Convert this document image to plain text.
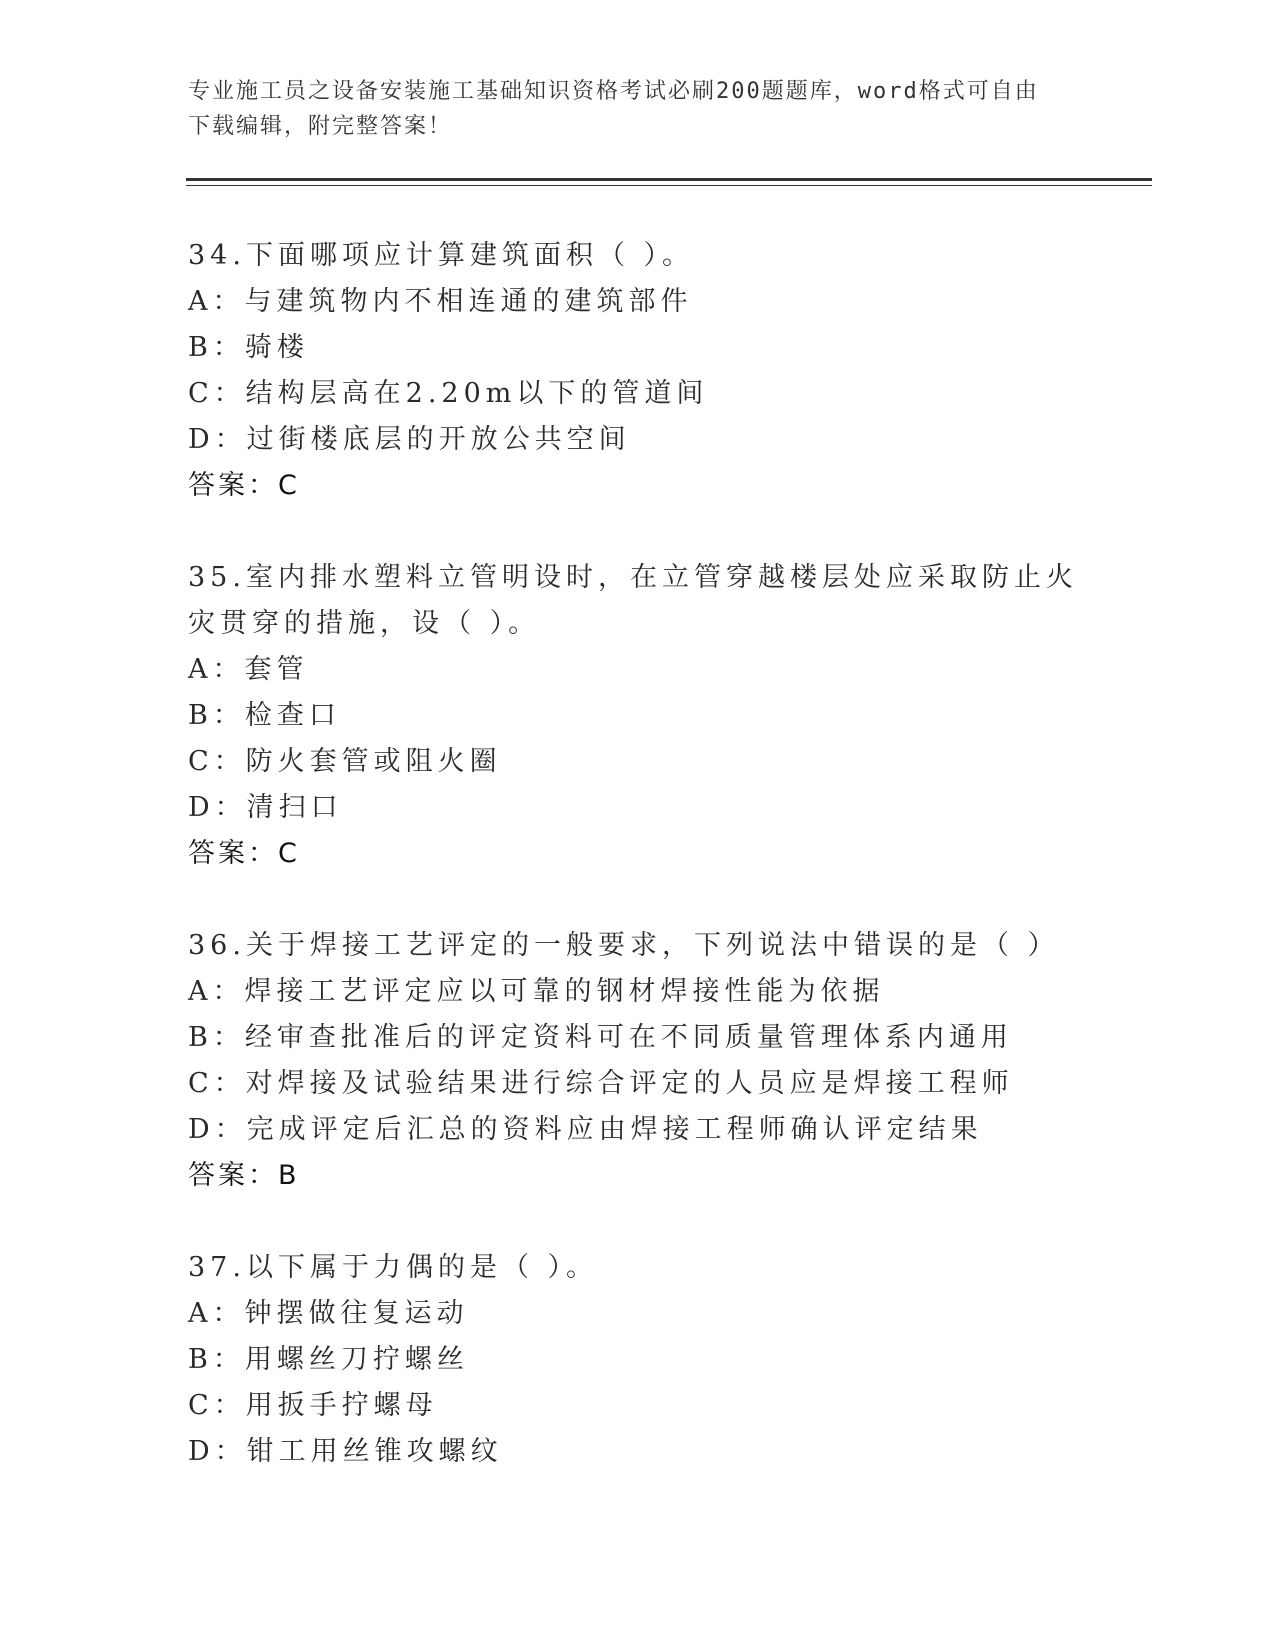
专业施工员之设备安装施工基础知识资格考试必刷200题题库，word格式可自由
下载编辑，附完整答案！
34.下面哪项应计算建筑面积（ ）。
A：与建筑物内不相连通的建筑部件
B：骑楼
C：结构层高在2.20m以下的管道间
D：过街楼底层的开放公共空间
答案：C
35.室内排水塑料立管明设时，在立管穿越楼层处应采取防止火灾贯穿的措施，设（ ）。
A：套管
B：检查口
C：防火套管或阻火圈
D：清扫口
答案：C
36.关于焊接工艺评定的一般要求，下列说法中错误的是（ ）
A：焊接工艺评定应以可靠的钢材焊接性能为依据
B：经审查批准后的评定资料可在不同质量管理体系内通用
C：对焊接及试验结果进行综合评定的人员应是焊接工程师
D：完成评定后汇总的资料应由焊接工程师确认评定结果
答案：B
37.以下属于力偶的是（ ）。
A：钟摆做往复运动
B：用螺丝刀拧螺丝
C：用扳手拧螺母
D：钳工用丝锥攻螺纹
